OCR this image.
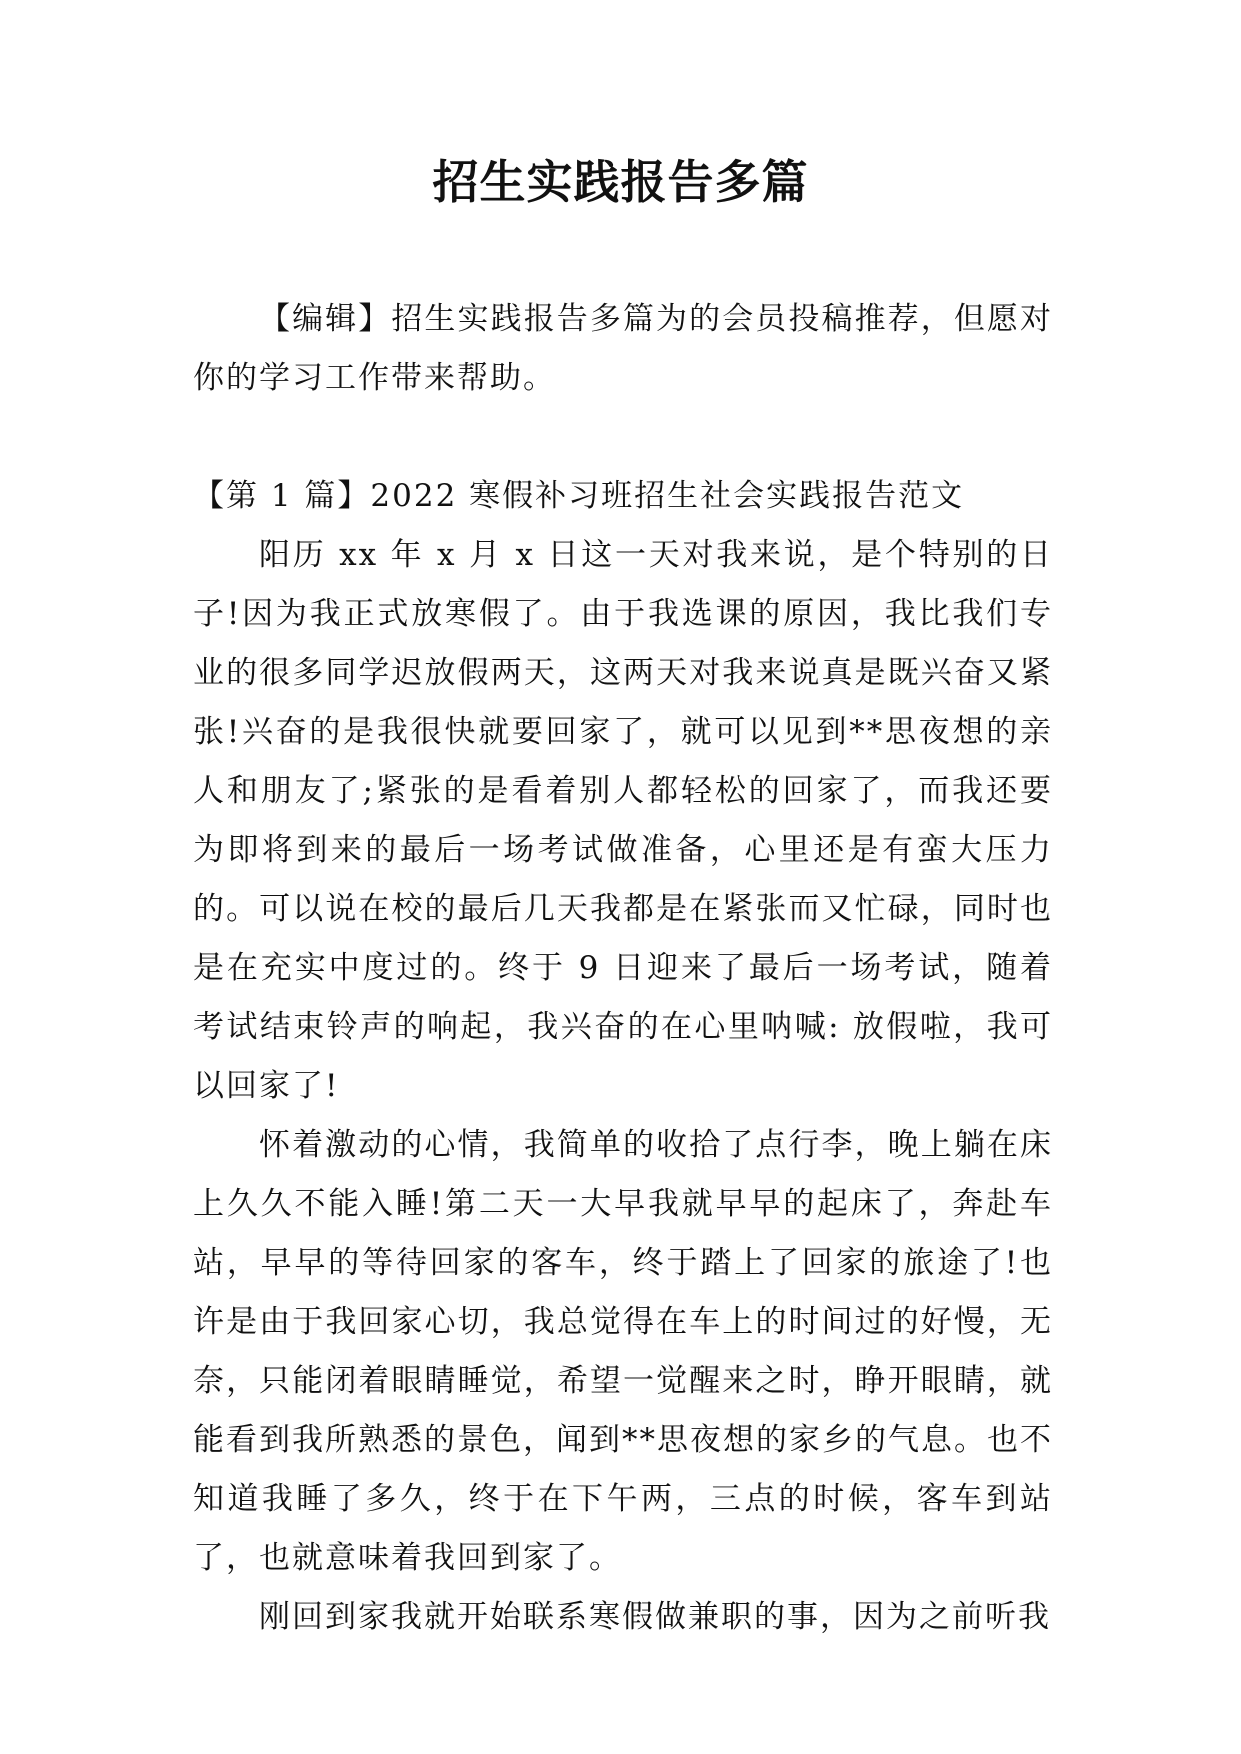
招生实践报告多篇

【编辑】招生实践报告多篇为的会员投稿推荐，但愿对你的学习工作带来帮助。

【第 1 篇】2022 寒假补习班招生社会实践报告范文

阳历 xx 年 x 月 x 日这一天对我来说，是个特别的日子!因为我正式放寒假了。由于我选课的原因，我比我们专业的很多同学迟放假两天，这两天对我来说真是既兴奋又紧张!兴奋的是我很快就要回家了，就可以见到**思夜想的亲人和朋友了;紧张的是看着别人都轻松的回家了，而我还要为即将到来的最后一场考试做准备，心里还是有蛮大压力的。可以说在校的最后几天我都是在紧张而又忙碌，同时也是在充实中度过的。终于 9 日迎来了最后一场考试，随着考试结束铃声的响起，我兴奋的在心里呐喊: 放假啦，我可以回家了!

怀着激动的心情，我简单的收拾了点行李，晚上躺在床上久久不能入睡!第二天一大早我就早早的起床了，奔赴车站，早早的等待回家的客车，终于踏上了回家的旅途了!也许是由于我回家心切，我总觉得在车上的时间过的好慢，无奈，只能闭着眼睛睡觉，希望一觉醒来之时，睁开眼睛，就能看到我所熟悉的景色，闻到**思夜想的家乡的气息。也不知道我睡了多久，终于在下午两，三点的时候，客车到站了，也就意味着我回到家了。

刚回到家我就开始联系寒假做兼职的事，因为之前听我
